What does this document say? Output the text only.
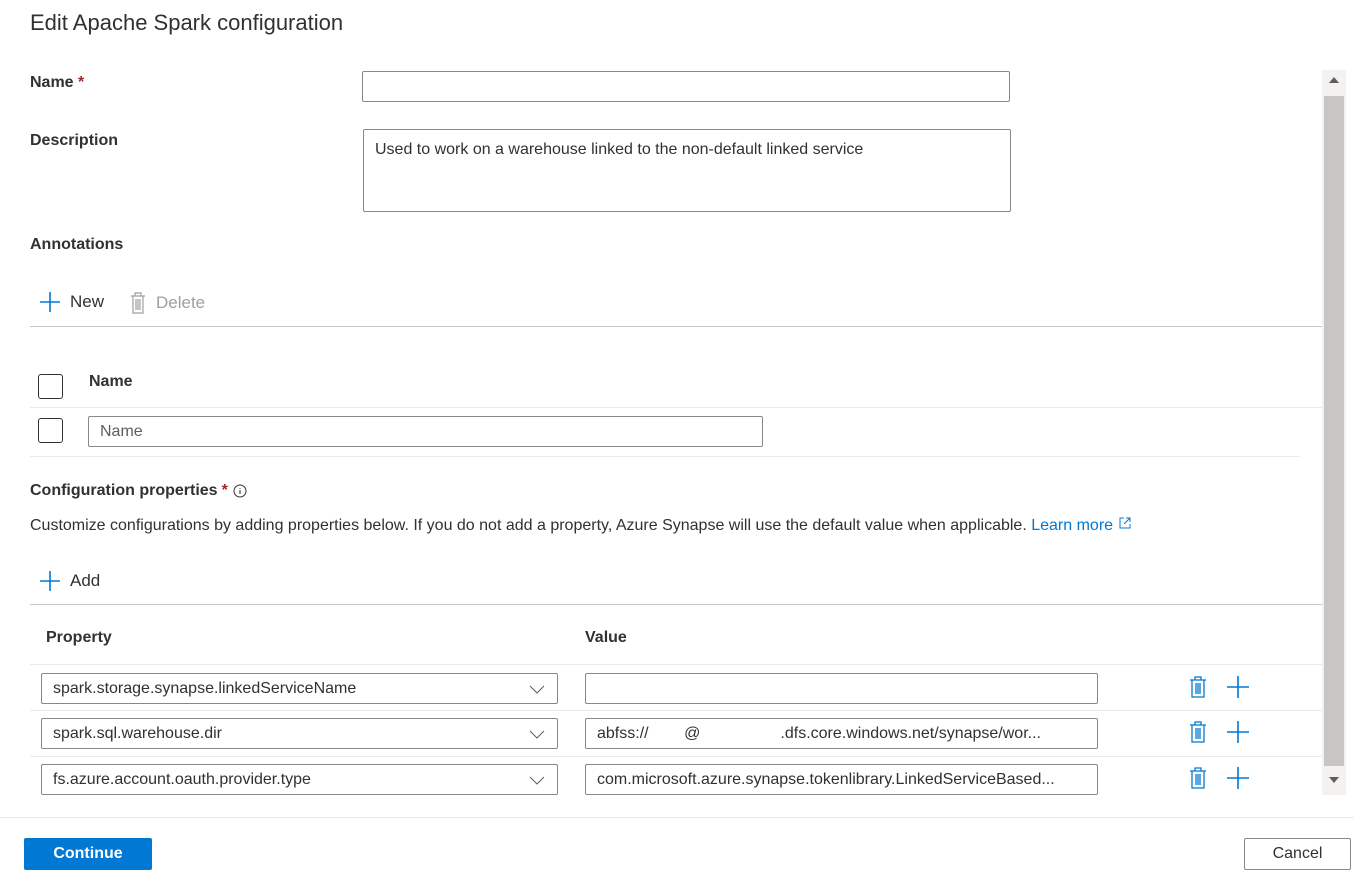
Edit Apache Spark configuration
Name *
Description
Used to work on a warehouse linked to the non-default linked service
Annotations
New	Delete
Name
Name
Configuration properties *
Customize configurations by adding properties below. If you do not add a property, Azure Synapse will use the default value when applicable. Learn more
Add
Property	Value
spark.storage.synapse.linkedServiceName
spark.sql.warehouse.dir	abfss://        @                  .dfs.core.windows.net/synapse/wor...
fs.azure.account.oauth.provider.type	com.microsoft.azure.synapse.tokenlibrary.LinkedServiceBased...
Continue	Cancel
